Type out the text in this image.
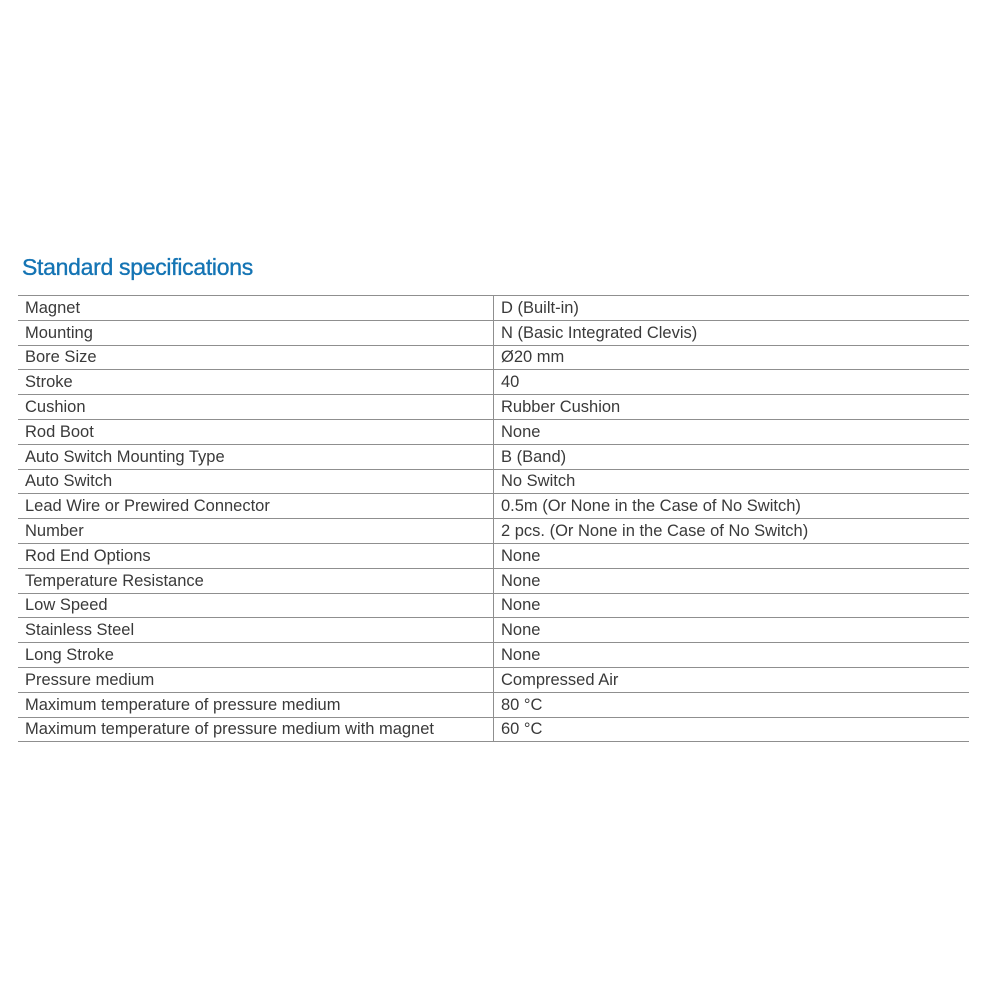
Standard specifications
Magnet	D (Built-in)
Mounting	N (Basic Integrated Clevis)
Bore Size	Ø20 mm
Stroke	40
Cushion	Rubber Cushion
Rod Boot	None
Auto Switch Mounting Type	B (Band)
Auto Switch	No Switch
Lead Wire or Prewired Connector	0.5m (Or None in the Case of No Switch)
Number	2 pcs. (Or None in the Case of No Switch)
Rod End Options	None
Temperature Resistance	None
Low Speed	None
Stainless Steel	None
Long Stroke	None
Pressure medium	Compressed Air
Maximum temperature of pressure medium	80 °C
Maximum temperature of pressure medium with magnet	60 °C
